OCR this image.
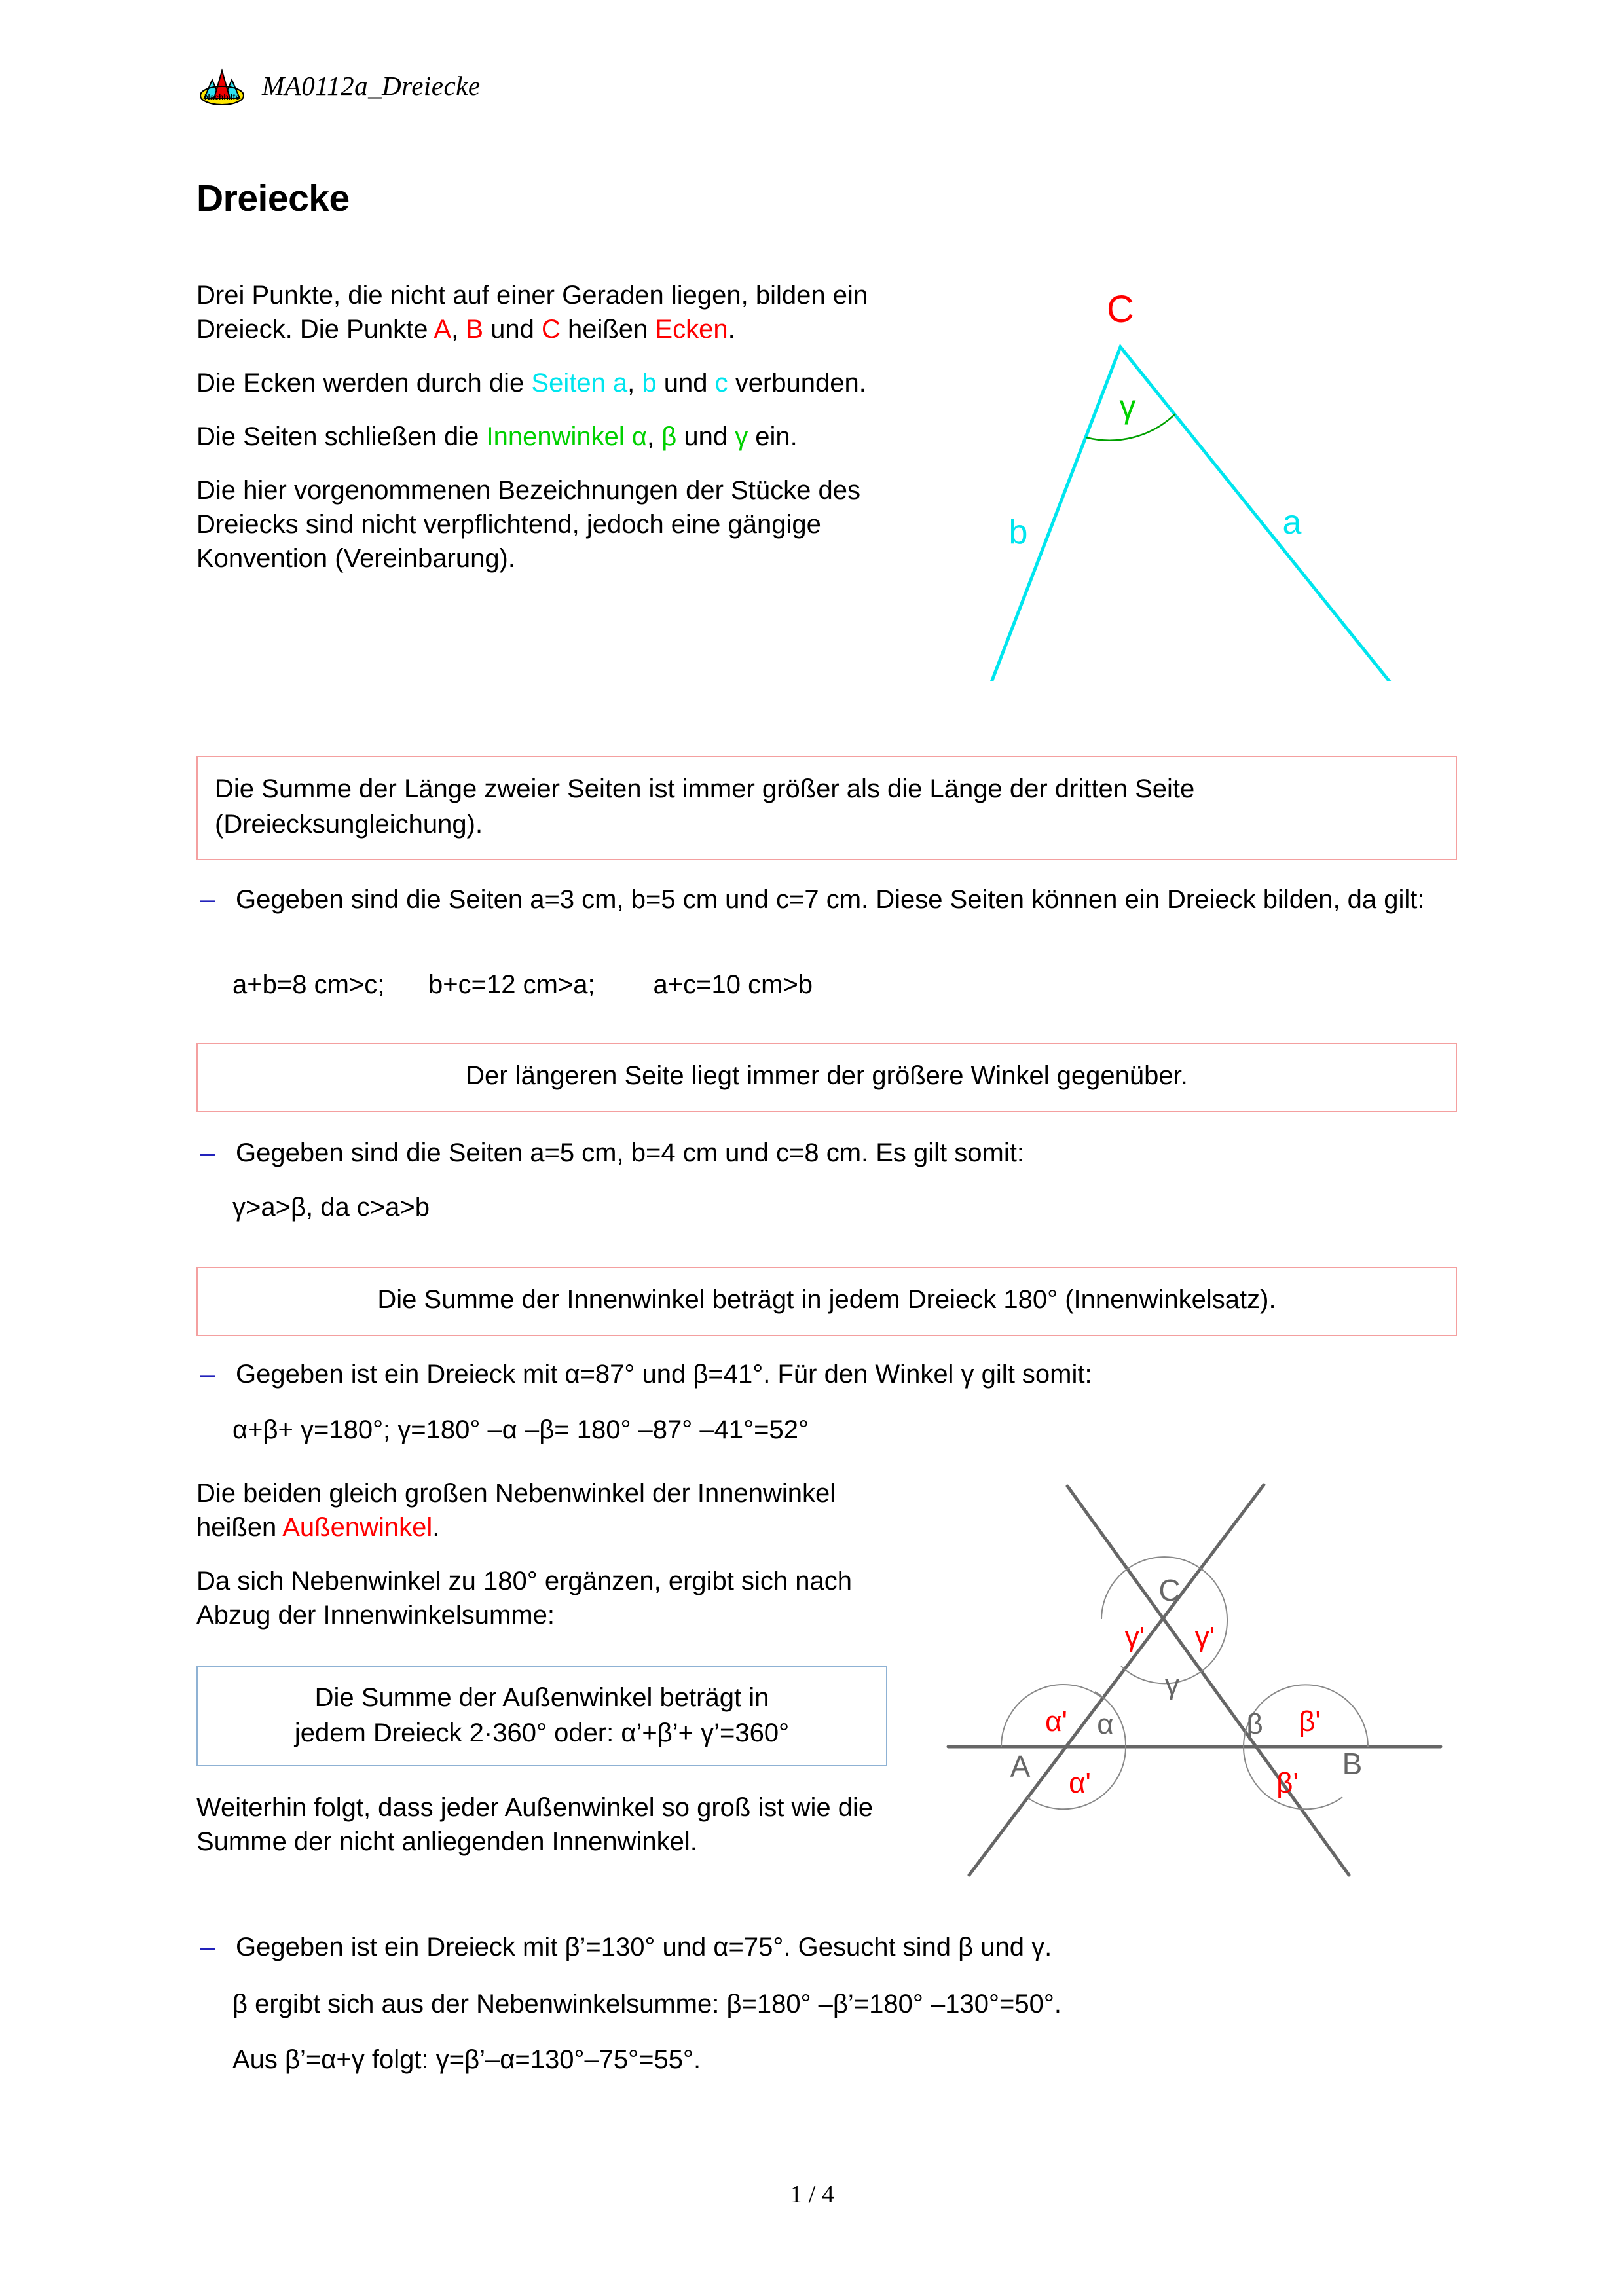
Nachhilfe MA0112a_Dreiecke
Dreiecke

Drei Punkte, die nicht auf einer Geraden liegen, bilden ein Dreieck. Die Punkte A, B und C heißen Ecken.

Die Ecken werden durch die Seiten a, b und c verbunden.

Die Seiten schließen die Innenwinkel α, β und γ ein.

Die hier vorgenommenen Bezeichnungen der Stücke des Dreiecks sind nicht verpflichtend, jedoch eine gängige Konvention (Vereinbarung).

C
b	a
γ
Die Summe der Länge zweier Seiten ist immer größer als die Länge der dritten Seite (Dreiecksungleichung).
– Gegeben sind die Seiten a=3 cm, b=5 cm und c=7 cm. Diese Seiten können ein Dreieck bilden, da gilt:
a+b=8 cm>c;      b+c=12 cm>a;        a+c=10 cm>b
Der längeren Seite liegt immer der größere Winkel gegenüber.
– Gegeben sind die Seiten a=5 cm, b=4 cm und c=8 cm. Es gilt somit:
γ>a>β, da c>a>b
Die Summe der Innenwinkel beträgt in jedem Dreieck 180° (Innenwinkelsatz).
– Gegeben ist ein Dreieck mit α=87° und β=41°. Für den Winkel γ gilt somit:
α+β+ γ=180°; γ=180° –α –β= 180° –87° –41°=52°

Die beiden gleich großen Nebenwinkel der Innenwinkel heißen Außenwinkel.

Da sich Nebenwinkel zu 180° ergänzen, ergibt sich nach Abzug der Innenwinkelsumme:

Die Summe der Außenwinkel beträgt in
jedem Dreieck 2·360° oder: α’+β’+ γ’=360°

Weiterhin folgt, dass jeder Außenwinkel so groß ist wie die Summe der nicht anliegenden Innenwinkel.

A	B
C
α	β
γ
α'
α'
β'
β'
γ' γ'
– Gegeben ist ein Dreieck mit β’=130° und α=75°. Gesucht sind β und γ.
β ergibt sich aus der Nebenwinkelsumme: β=180° –β’=180° –130°=50°.
Aus β’=α+γ folgt: γ=β’–α=130°–75°=55°.
1 / 4
